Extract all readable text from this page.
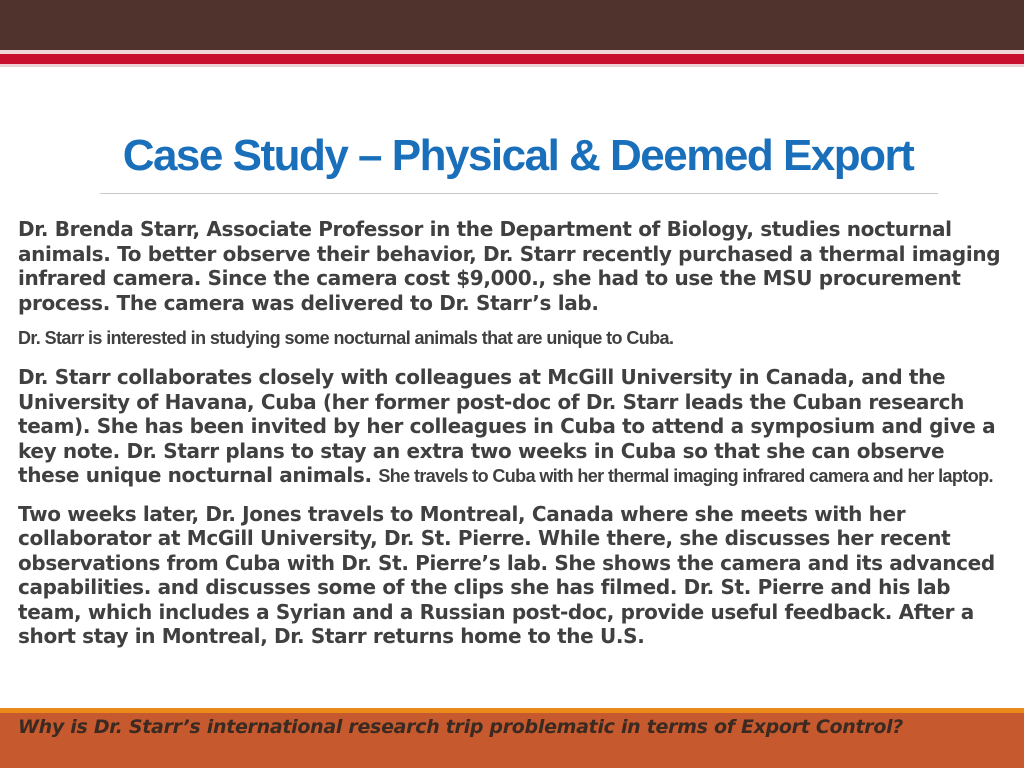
Case Study – Physical & Deemed Export

Dr. Brenda Starr, Associate Professor in the Department of Biology, studies nocturnal animals. To better observe their behavior, Dr. Starr recently purchased a thermal imaging infrared camera. Since the camera cost $9,000., she had to use the MSU procurement process. The camera was delivered to Dr. Starr’s lab.

Dr. Starr is interested in studying some nocturnal animals that are unique to Cuba.

Dr. Starr collaborates closely with colleagues at McGill University in Canada, and the University of Havana, Cuba (her former post-doc of Dr. Starr leads the Cuban research team). She has been invited by her colleagues in Cuba to attend a symposium and give a key note. Dr. Starr plans to stay an extra two weeks in Cuba so that she can observe these unique nocturnal animals. She travels to Cuba with her thermal imaging infrared camera and her laptop.

Two weeks later, Dr. Jones travels to Montreal, Canada where she meets with her collaborator at McGill University, Dr. St. Pierre. While there, she discusses her recent observations from Cuba with Dr. St. Pierre’s lab. She shows the camera and its advanced capabilities. and discusses some of the clips she has filmed. Dr. St. Pierre and his lab team, which includes a Syrian and a Russian post-doc, provide useful feedback. After a short stay in Montreal, Dr. Starr returns home to the U.S.

Why is Dr. Starr’s international research trip problematic in terms of Export Control?
